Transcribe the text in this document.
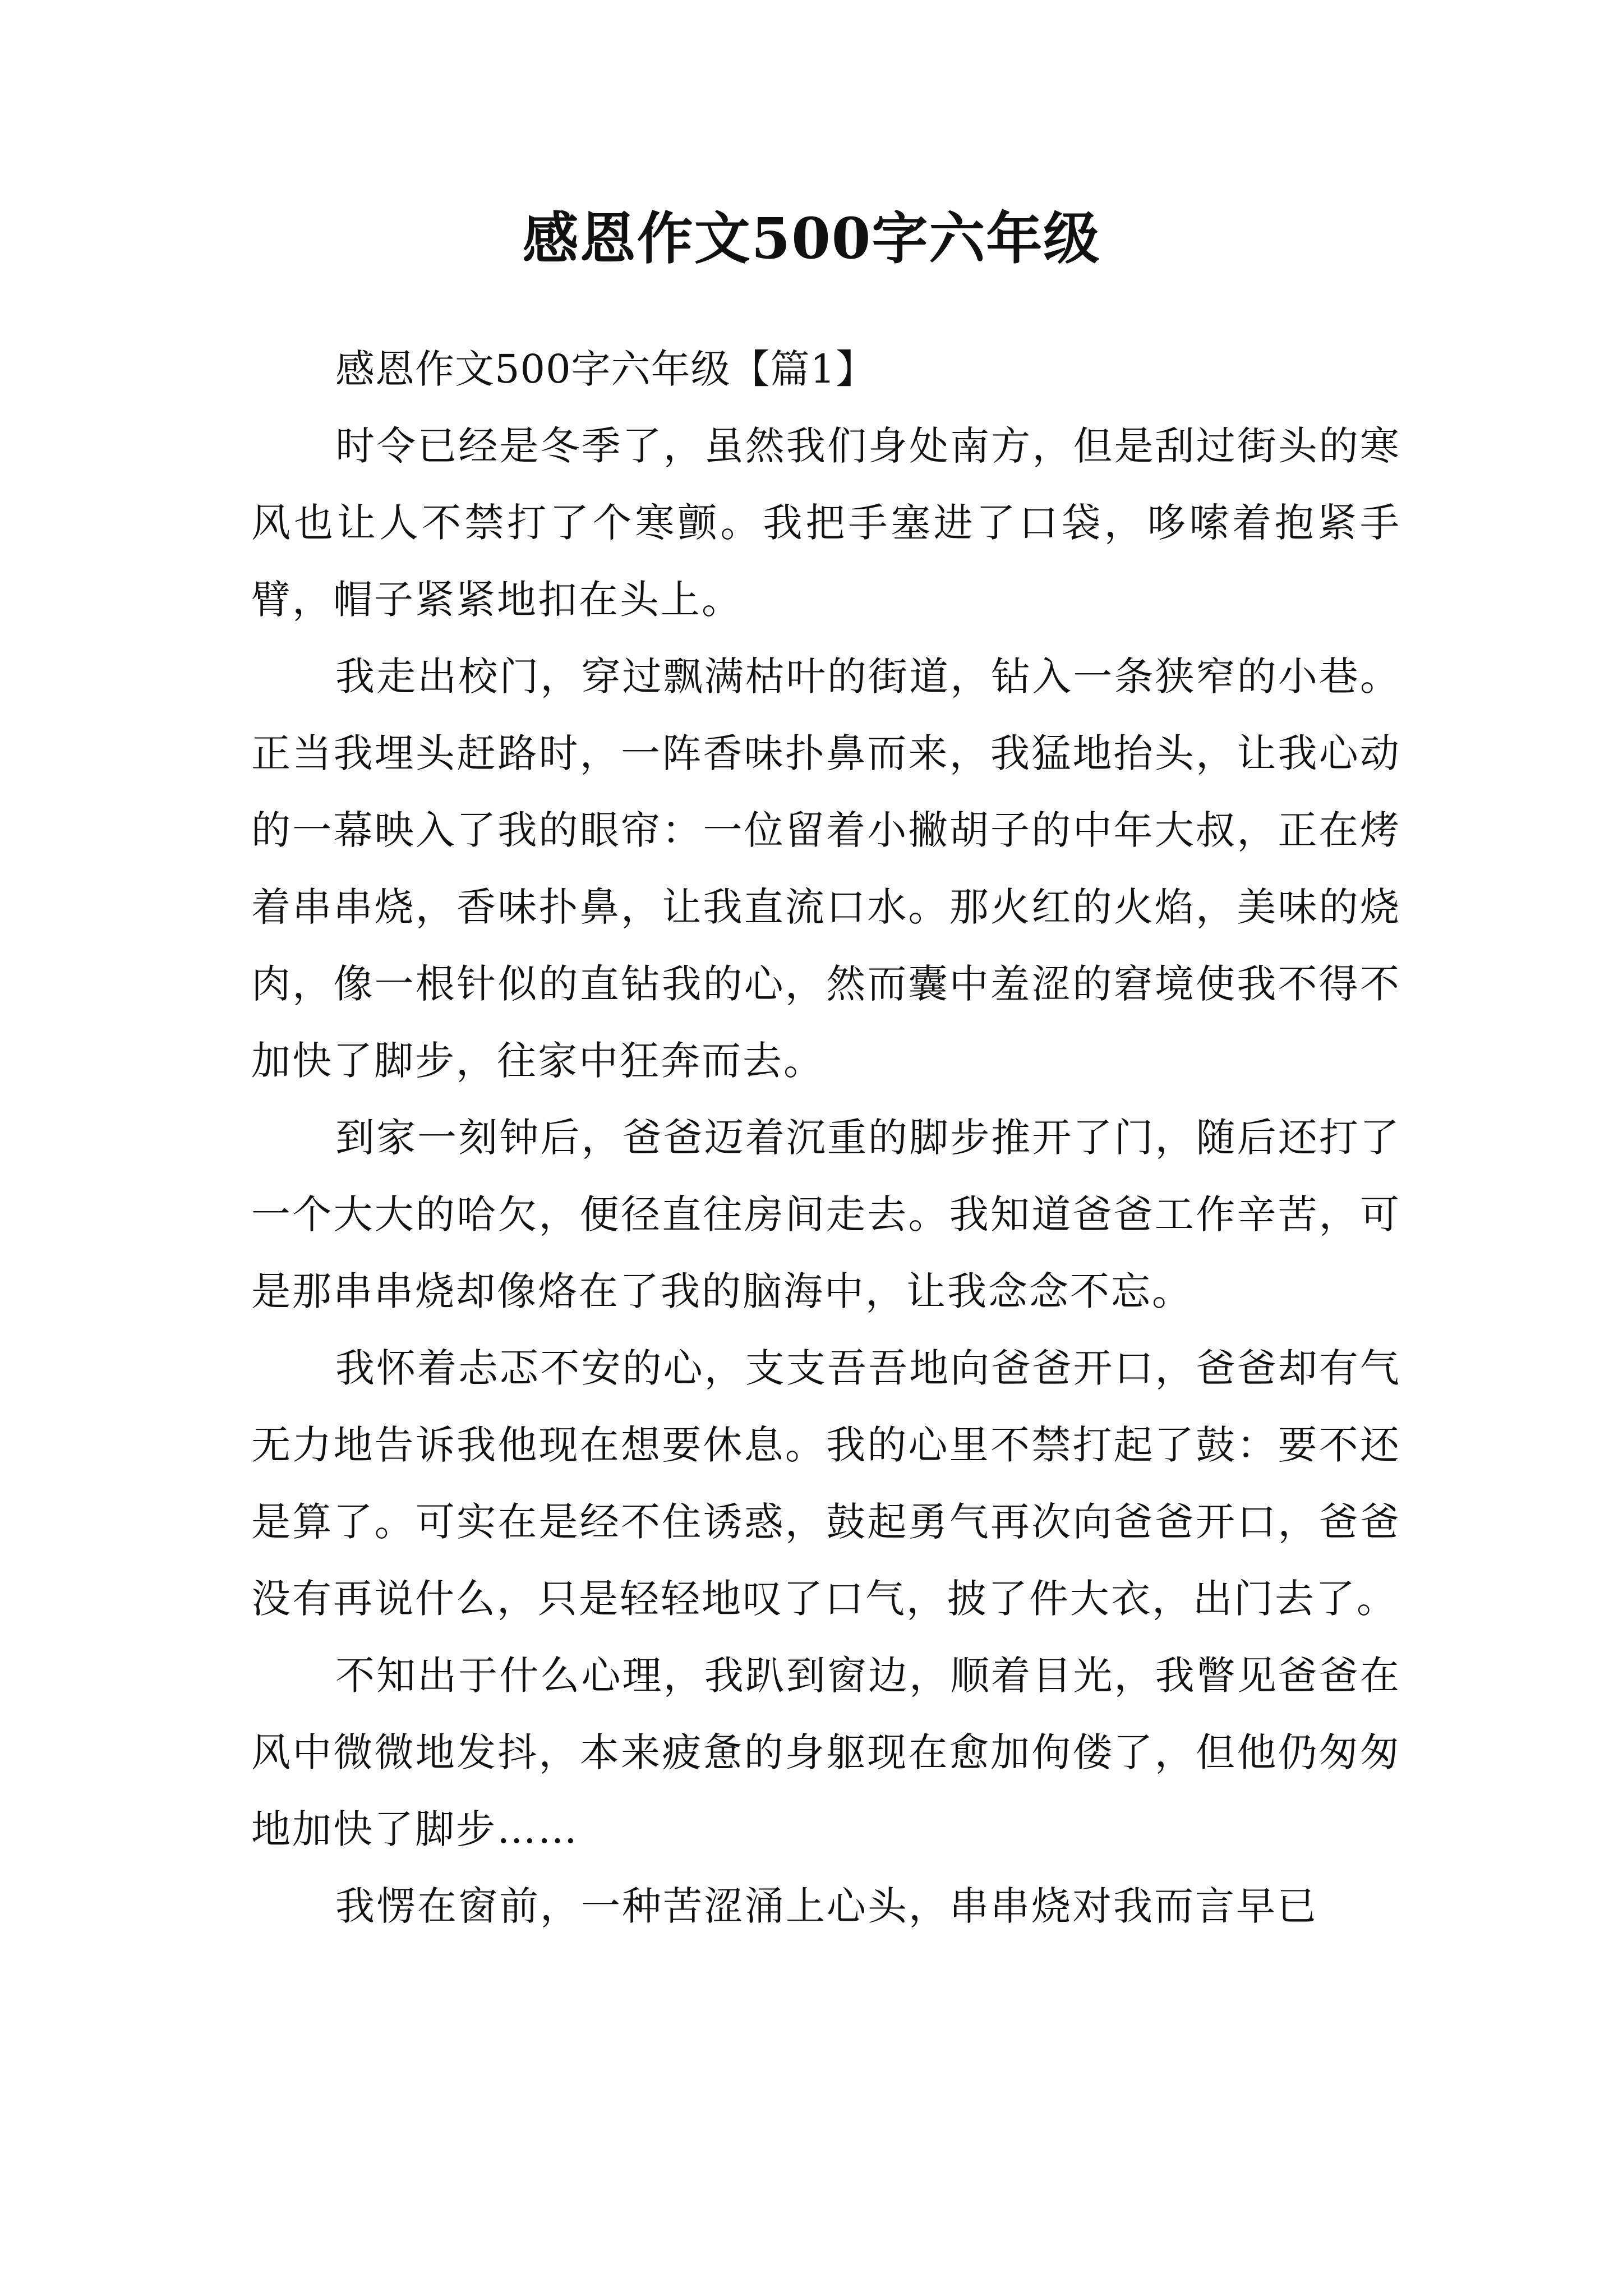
感恩作文500字六年级

感恩作文500字六年级【篇1】

时令已经是冬季了，虽然我们身处南方，但是刮过街头的寒风也让人不禁打了个寒颤。我把手塞进了口袋，哆嗦着抱紧手臂，帽子紧紧地扣在头上。

我走出校门，穿过飘满枯叶的街道，钻入一条狭窄的小巷。正当我埋头赶路时，一阵香味扑鼻而来，我猛地抬头，让我心动的一幕映入了我的眼帘：一位留着小撇胡子的中年大叔，正在烤着串串烧，香味扑鼻，让我直流口水。那火红的火焰，美味的烧肉，像一根针似的直钻我的心，然而囊中羞涩的窘境使我不得不加快了脚步，往家中狂奔而去。

到家一刻钟后，爸爸迈着沉重的脚步推开了门，随后还打了一个大大的哈欠，便径直往房间走去。我知道爸爸工作辛苦，可是那串串烧却像烙在了我的脑海中，让我念念不忘。

我怀着忐忑不安的心，支支吾吾地向爸爸开口，爸爸却有气无力地告诉我他现在想要休息。我的心里不禁打起了鼓：要不还是算了。可实在是经不住诱惑，鼓起勇气再次向爸爸开口，爸爸没有再说什么，只是轻轻地叹了口气，披了件大衣，出门去了。

不知出于什么心理，我趴到窗边，顺着目光，我瞥见爸爸在风中微微地发抖，本来疲惫的身躯现在愈加佝偻了，但他仍匆匆地加快了脚步……

我愣在窗前，一种苦涩涌上心头，串串烧对我而言早已
